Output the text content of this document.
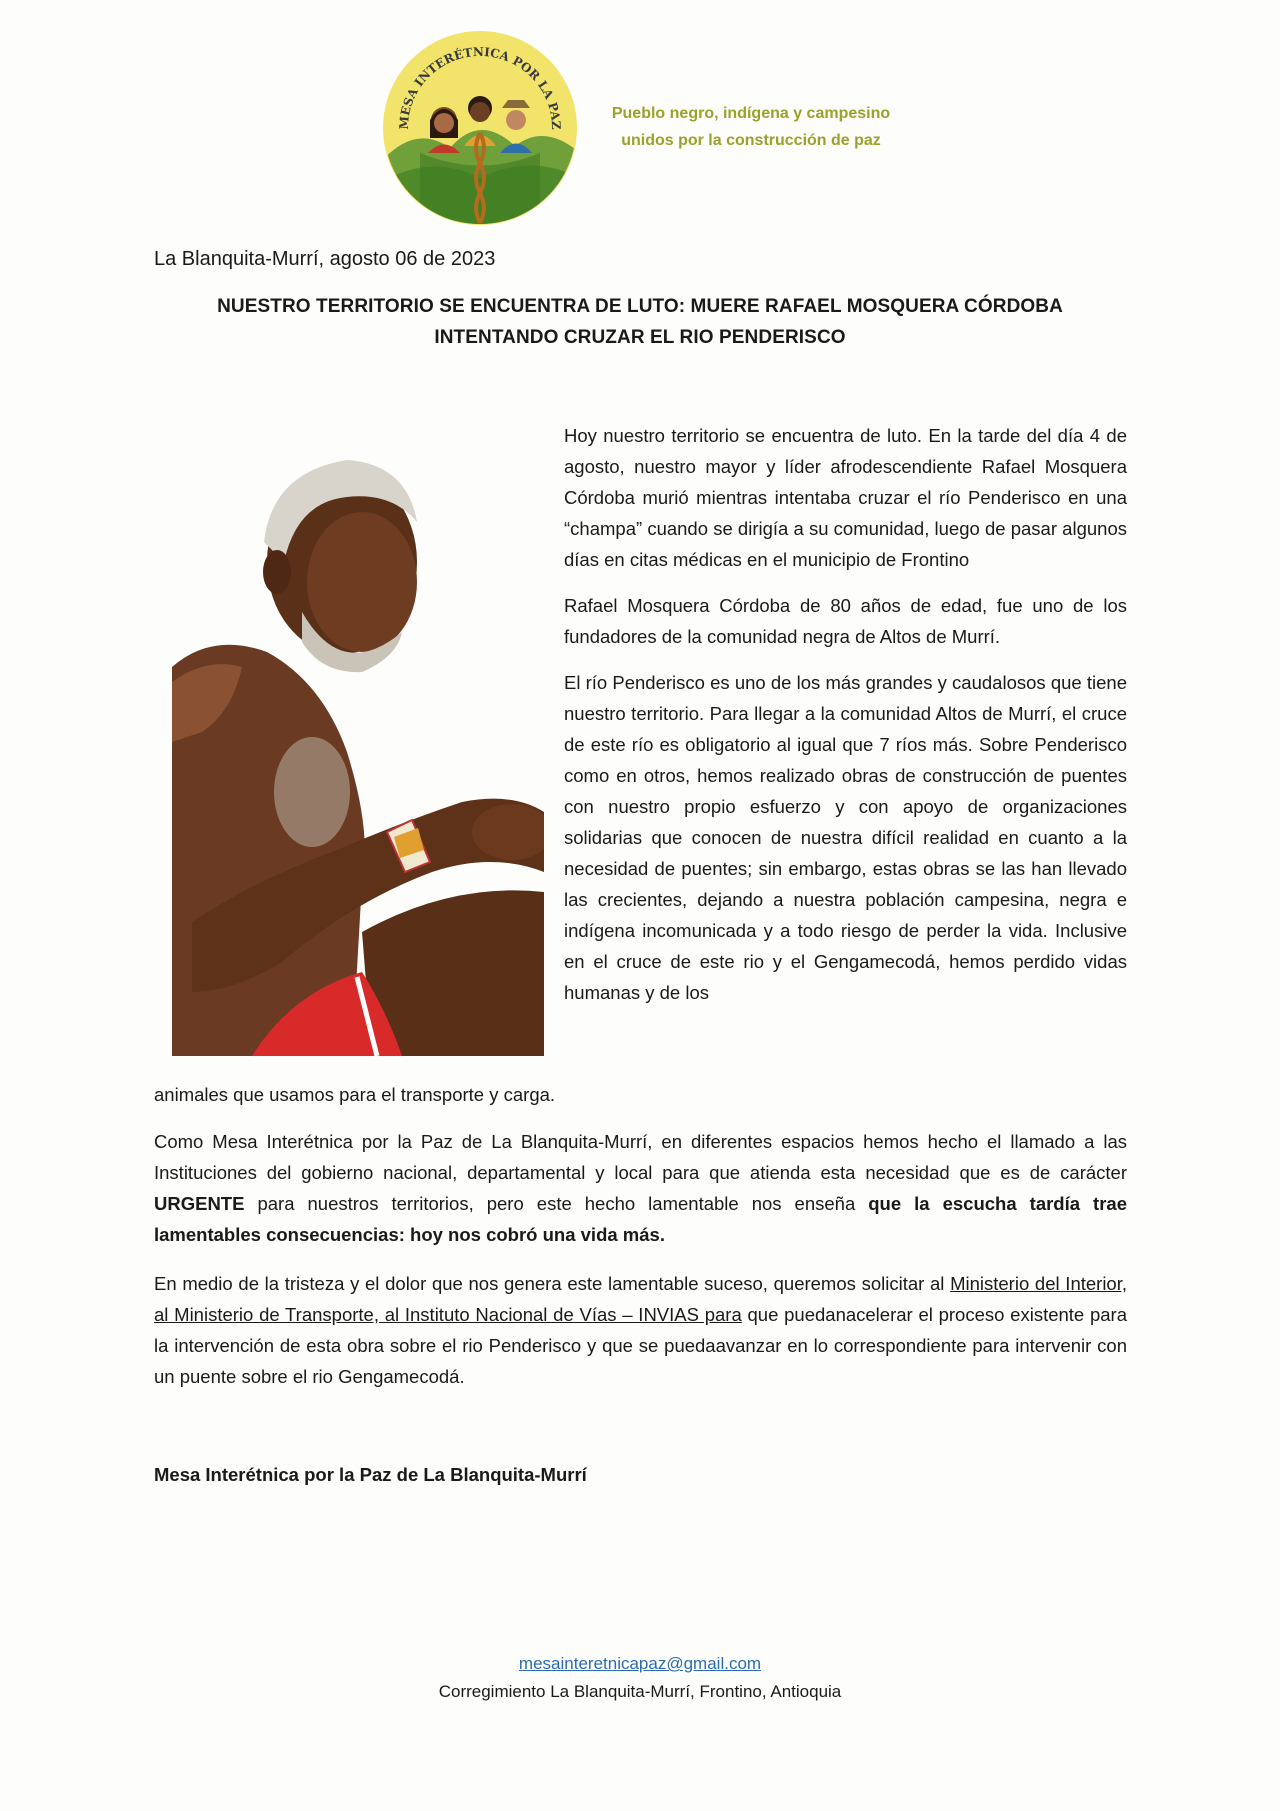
MESA INTERÉTNICA POR LA PAZ
Pueblo negro, indígena y campesino
unidos por la construcción de paz
La Blanquita-Murrí, agosto 06 de 2023
NUESTRO TERRITORIO SE ENCUENTRA DE LUTO: MUERE RAFAEL MOSQUERA CÓRDOBA
INTENTANDO CRUZAR EL RIO PENDERISCO

Hoy nuestro territorio se encuentra de luto. En la tarde del día 4 de agosto, nuestro mayor y líder afrodescendiente Rafael Mosquera Córdoba murió mientras intentaba cruzar el río Penderisco en una “champa” cuando se dirigía a su comunidad, luego de pasar algunos días en citas médicas en el municipio de Frontino

Rafael Mosquera Córdoba de 80 años de edad, fue uno de los fundadores de la comunidad negra de Altos de Murrí.

El río Penderisco es uno de los más grandes y caudalosos que tiene nuestro territorio. Para llegar a la comunidad Altos de Murrí, el cruce de este río es obligatorio al igual que 7 ríos más. Sobre Penderisco como en otros, hemos realizado obras de construcción de puentes con nuestro propio esfuerzo y con apoyo de organizaciones solidarias que conocen de nuestra difícil realidad en cuanto a la necesidad de puentes; sin embargo, estas obras se las han llevado las crecientes, dejando a nuestra población campesina, negra e indígena incomunicada y a todo riesgo de perder la vida. Inclusive en el cruce de este rio y el Gengamecodá, hemos perdido vidas humanas y de los

animales que usamos para el transporte y carga.

Como Mesa Interétnica por la Paz de La Blanquita-Murrí, en diferentes espacios hemos hecho el llamado a las Instituciones del gobierno nacional, departamental y local para que atienda esta necesidad que es de carácter URGENTE para nuestros territorios, pero este hecho lamentable nos enseña que la escucha tardía trae lamentables consecuencias: hoy nos cobró una vida más.

En medio de la tristeza y el dolor que nos genera este lamentable suceso, queremos solicitar al Ministerio del Interior, al Ministerio de Transporte, al Instituto Nacional de Vías – INVIAS para que puedanacelerar el proceso existente para la intervención de esta obra sobre el rio Penderisco y que se puedaavanzar en lo correspondiente para intervenir con un puente sobre el rio Gengamecodá.

Mesa Interétnica por la Paz de La Blanquita-Murrí
mesainteretnicapaz@gmail.com
Corregimiento La Blanquita-Murrí, Frontino, Antioquia
